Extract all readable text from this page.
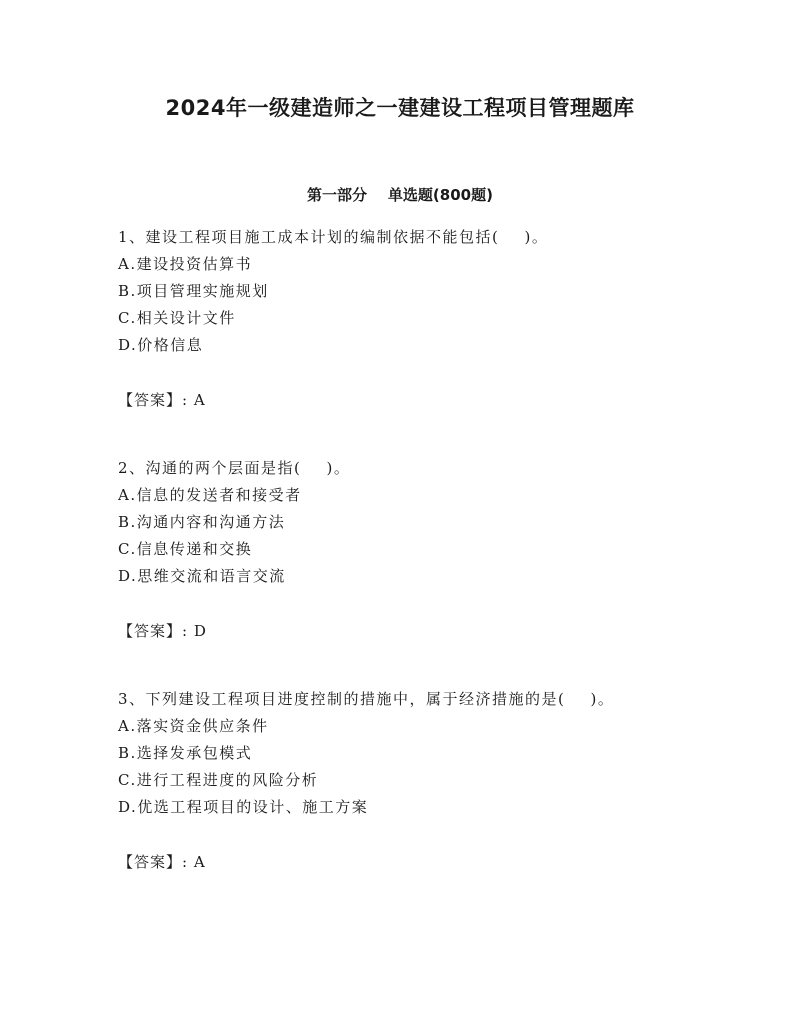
2024年一级建造师之一建建设工程项目管理题库
第一部分    单选题(800题)
1、建设工程项目施工成本计划的编制依据不能包括(    )。
A.建设投资估算书
B.项目管理实施规划
C.相关设计文件
D.价格信息
【答案】: A
2、沟通的两个层面是指(    )。
A.信息的发送者和接受者
B.沟通内容和沟通方法
C.信息传递和交换
D.思维交流和语言交流
【答案】: D
3、下列建设工程项目进度控制的措施中，属于经济措施的是(    )。
A.落实资金供应条件
B.选择发承包模式
C.进行工程进度的风险分析
D.优选工程项目的设计、施工方案
【答案】: A
